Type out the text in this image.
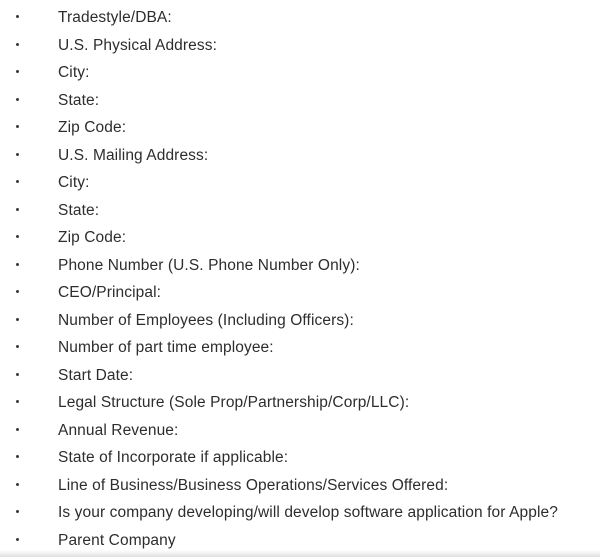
Tradestyle/DBA:
U.S. Physical Address:
City:
State:
Zip Code:
U.S. Mailing Address:
City:
State:
Zip Code:
Phone Number (U.S. Phone Number Only):
CEO/Principal:
Number of Employees (Including Officers):
Number of part time employee:
Start Date:
Legal Structure (Sole Prop/Partnership/Corp/LLC):
Annual Revenue:
State of Incorporate if applicable:
Line of Business/Business Operations/Services Offered:
Is your company developing/will develop software application for Apple?
Parent Company
